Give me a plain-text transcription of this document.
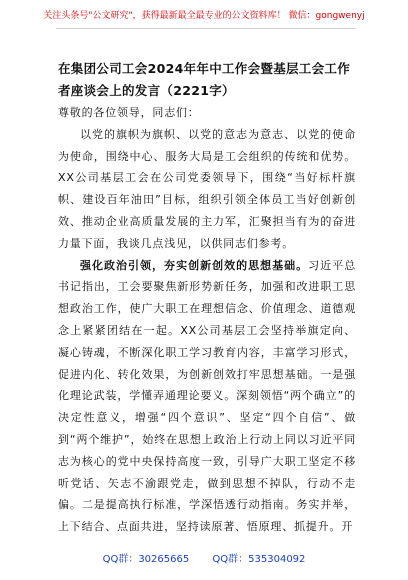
关注头条号"公文研究"，获得最新最全最专业的公文资料库！ 微信：gongwenyj
在集团公司工会2024年年中工作会暨基层工会工作者座谈会上的发言（2221字）

尊敬的各位领导，同志们：

以党的旗帜为旗帜、以党的意志为意志、以党的使命为使命，围绕中心、服务大局是工会组织的传统和优势。XX公司基层工会在公司党委领导下，围绕“当好标杆旗帜、建设百年油田”目标，组织引领全体员工当好创新创效、推动企业高质量发展的主力军，汇聚担当有为的奋进力量下面，我谈几点浅见，以供同志们参考。

强化政治引领，夯实创新创效的思想基础。习近平总书记指出，工会要聚焦新形势新任务，加强和改进职工思想政治工作，使广大职工在理想信念、价值理念、道德观念上紧紧团结在一起。XX公司基层工会坚持举旗定向、凝心铸魂，不断深化职工学习教育内容，丰富学习形式，促进内化、转化效果，为创新创效打牢思想基础。一是强化理论武装，学懂弄通理论要义。深刻领悟“两个确立”的决定性意义，增强“四个意识”、坚定“四个自信”、做到“两个维护”，始终在思想上政治上行动上同以习近平同志为核心的党中央保持高度一致，引导广大职工坚定不移听党话、矢志不渝跟党走，做到思想不掉队，行动不走偏。二是提高执行标准，学深悟透行动指南。务实并举，上下结合、点面共进，坚持读原著、悟原理、抓提升。开

QQ群：30265665 QQ群：535304092
